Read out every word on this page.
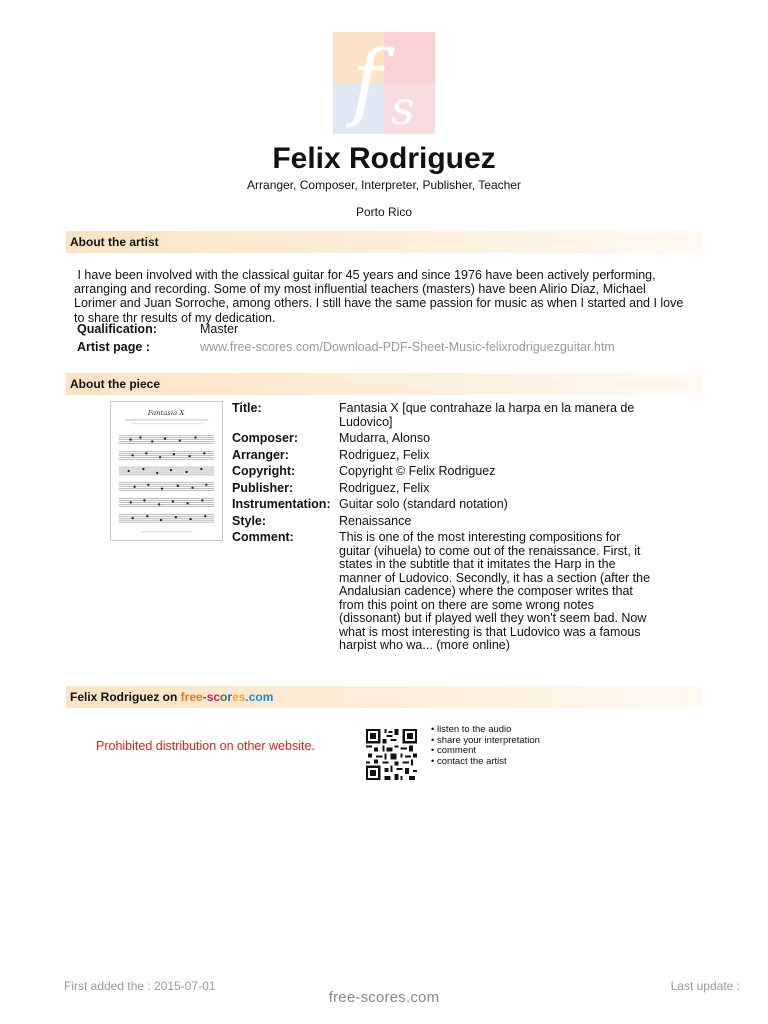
f s
Felix Rodriguez
Arranger, Composer, Interpreter, Publisher, Teacher
Porto Rico
About the artist
I have been involved with the classical guitar for 45 years and since 1976 have been actively performing, arranging and recording. Some of my most influential teachers (masters) have been Alirio Diaz, Michael Lorimer and Juan Sorroche, among others. I still have the same passion for music as when I started and I love to share thr results of my dedication.
Qualification:	Master
Artist page :	www.free-scores.com/Download-PDF-Sheet-Music-felixrodriguezguitar.htm
About the piece
Fantasia X	Title:	Fantasia X [que contrahaze la harpa en la manera de Ludovico]
Composer:	Mudarra, Alonso
Arranger:	Rodriguez, Felix
Copyright:	Copyright © Felix Rodriguez
Publisher:	Rodriguez, Felix
Instrumentation: Guitar solo (standard notation)
Style:	Renaissance
Comment:	This is one of the most interesting compositions for guitar (vihuela) to come out of the renaissance. First, it states in the subtitle that it imitates the Harp in the manner of Ludovico. Secondly, it has a section (after the Andalusian cadence) where the composer writes that from this point on there are some wrong notes (dissonant) but if played well they won't seem bad. Now what is most interesting is that Ludovico was a famous harpist who wa... (more online)
Felix Rodriguez on free-scores.com
Prohibited distribution on other website.
• listen to the audio
• share your interpretation
• comment
• contact the artist
First added the : 2015-07-01	Last update :
free-scores.com
